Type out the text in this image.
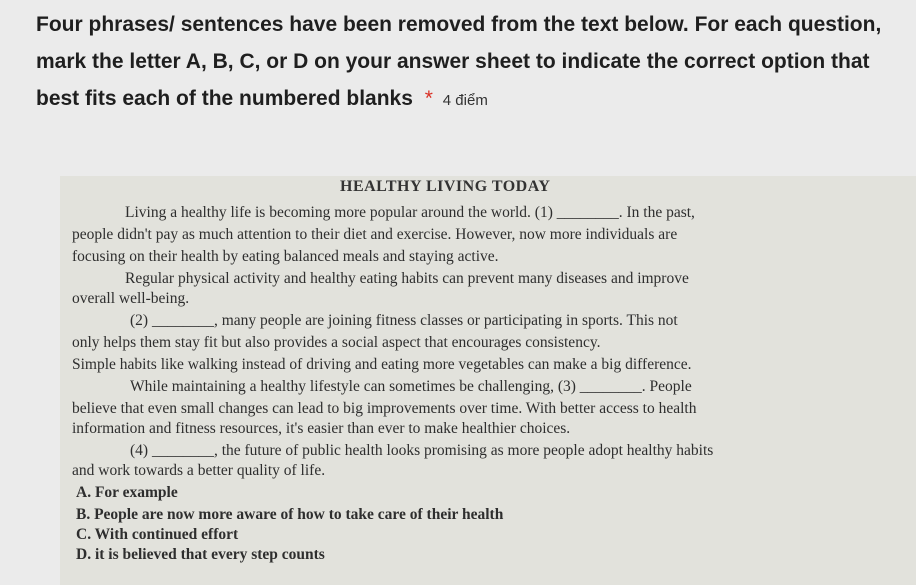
Four phrases/ sentences have been removed from the text below. For each question, mark the letter A, B, C, or D on your answer sheet to indicate the correct option that best fits each of the numbered blanks * 4 điểm
HEALTHY LIVING TODAY
Living a healthy life is becoming more popular around the world. (1) ________. In the past,
people didn't pay as much attention to their diet and exercise. However, now more individuals are
focusing on their health by eating balanced meals and staying active.
Regular physical activity and healthy eating habits can prevent many diseases and improve
overall well-being.
(2) ________, many people are joining fitness classes or participating in sports. This not
only helps them stay fit but also provides a social aspect that encourages consistency.
Simple habits like walking instead of driving and eating more vegetables can make a big difference.
While maintaining a healthy lifestyle can sometimes be challenging, (3) ________. People
believe that even small changes can lead to big improvements over time. With better access to health
information and fitness resources, it's easier than ever to make healthier choices.
(4) ________, the future of public health looks promising as more people adopt healthy habits
and work towards a better quality of life.
A. For example
B. People are now more aware of how to take care of their health
C. With continued effort
D. it is believed that every step counts
